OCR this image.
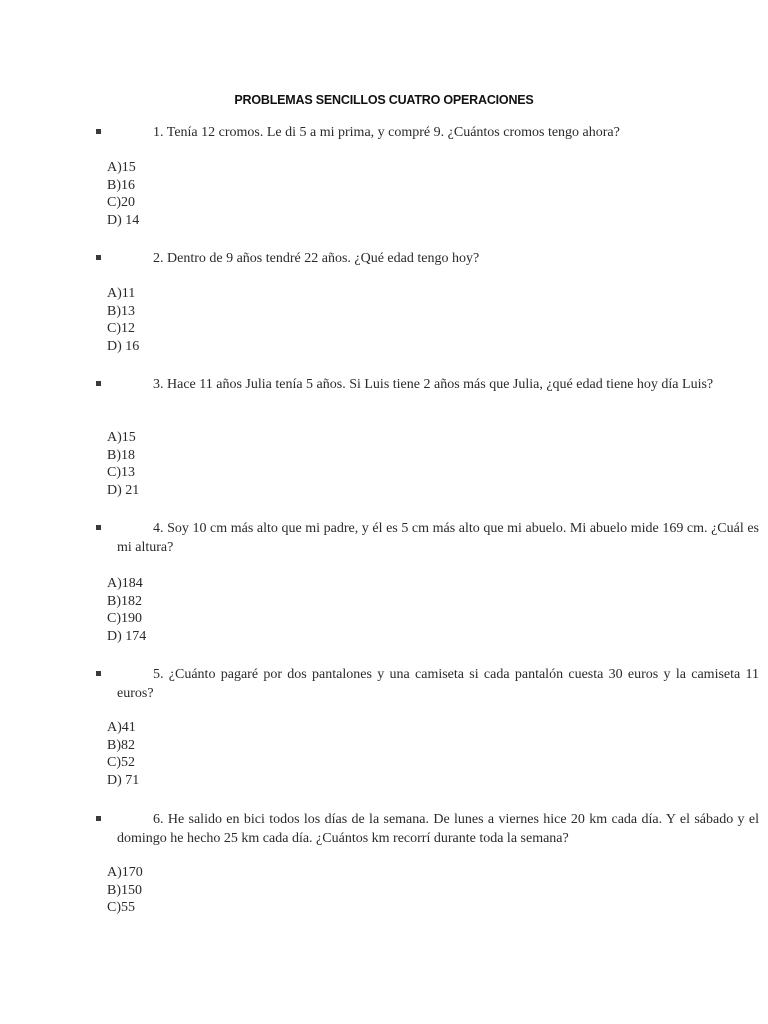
PROBLEMAS SENCILLOS CUATRO OPERACIONES
1. Tenía 12 cromos. Le di 5 a mi prima, y compré 9. ¿Cuántos cromos tengo ahora?
A)15
B)16
C)20
D) 14
2. Dentro de 9 años tendré 22 años. ¿Qué edad tengo hoy?
A)11
B)13
C)12
D) 16
3. Hace 11 años Julia tenía 5 años. Si Luis tiene 2 años más que Julia, ¿qué edad tiene hoy día Luis?
A)15
B)18
C)13
D) 21
4. Soy 10 cm más alto que mi padre, y él es 5 cm más alto que mi abuelo. Mi abuelo mide 169 cm. ¿Cuál es mi altura?
A)184
B)182
C)190
D) 174
5. ¿Cuánto pagaré por dos pantalones y una camiseta si cada pantalón cuesta 30 euros y la camiseta 11 euros?
A)41
B)82
C)52
D) 71
6. He salido en bici todos los días de la semana. De lunes a viernes hice 20 km cada día. Y el sábado y el domingo he hecho 25 km cada día. ¿Cuántos km recorrí durante toda la semana?
A)170
B)150
C)55
